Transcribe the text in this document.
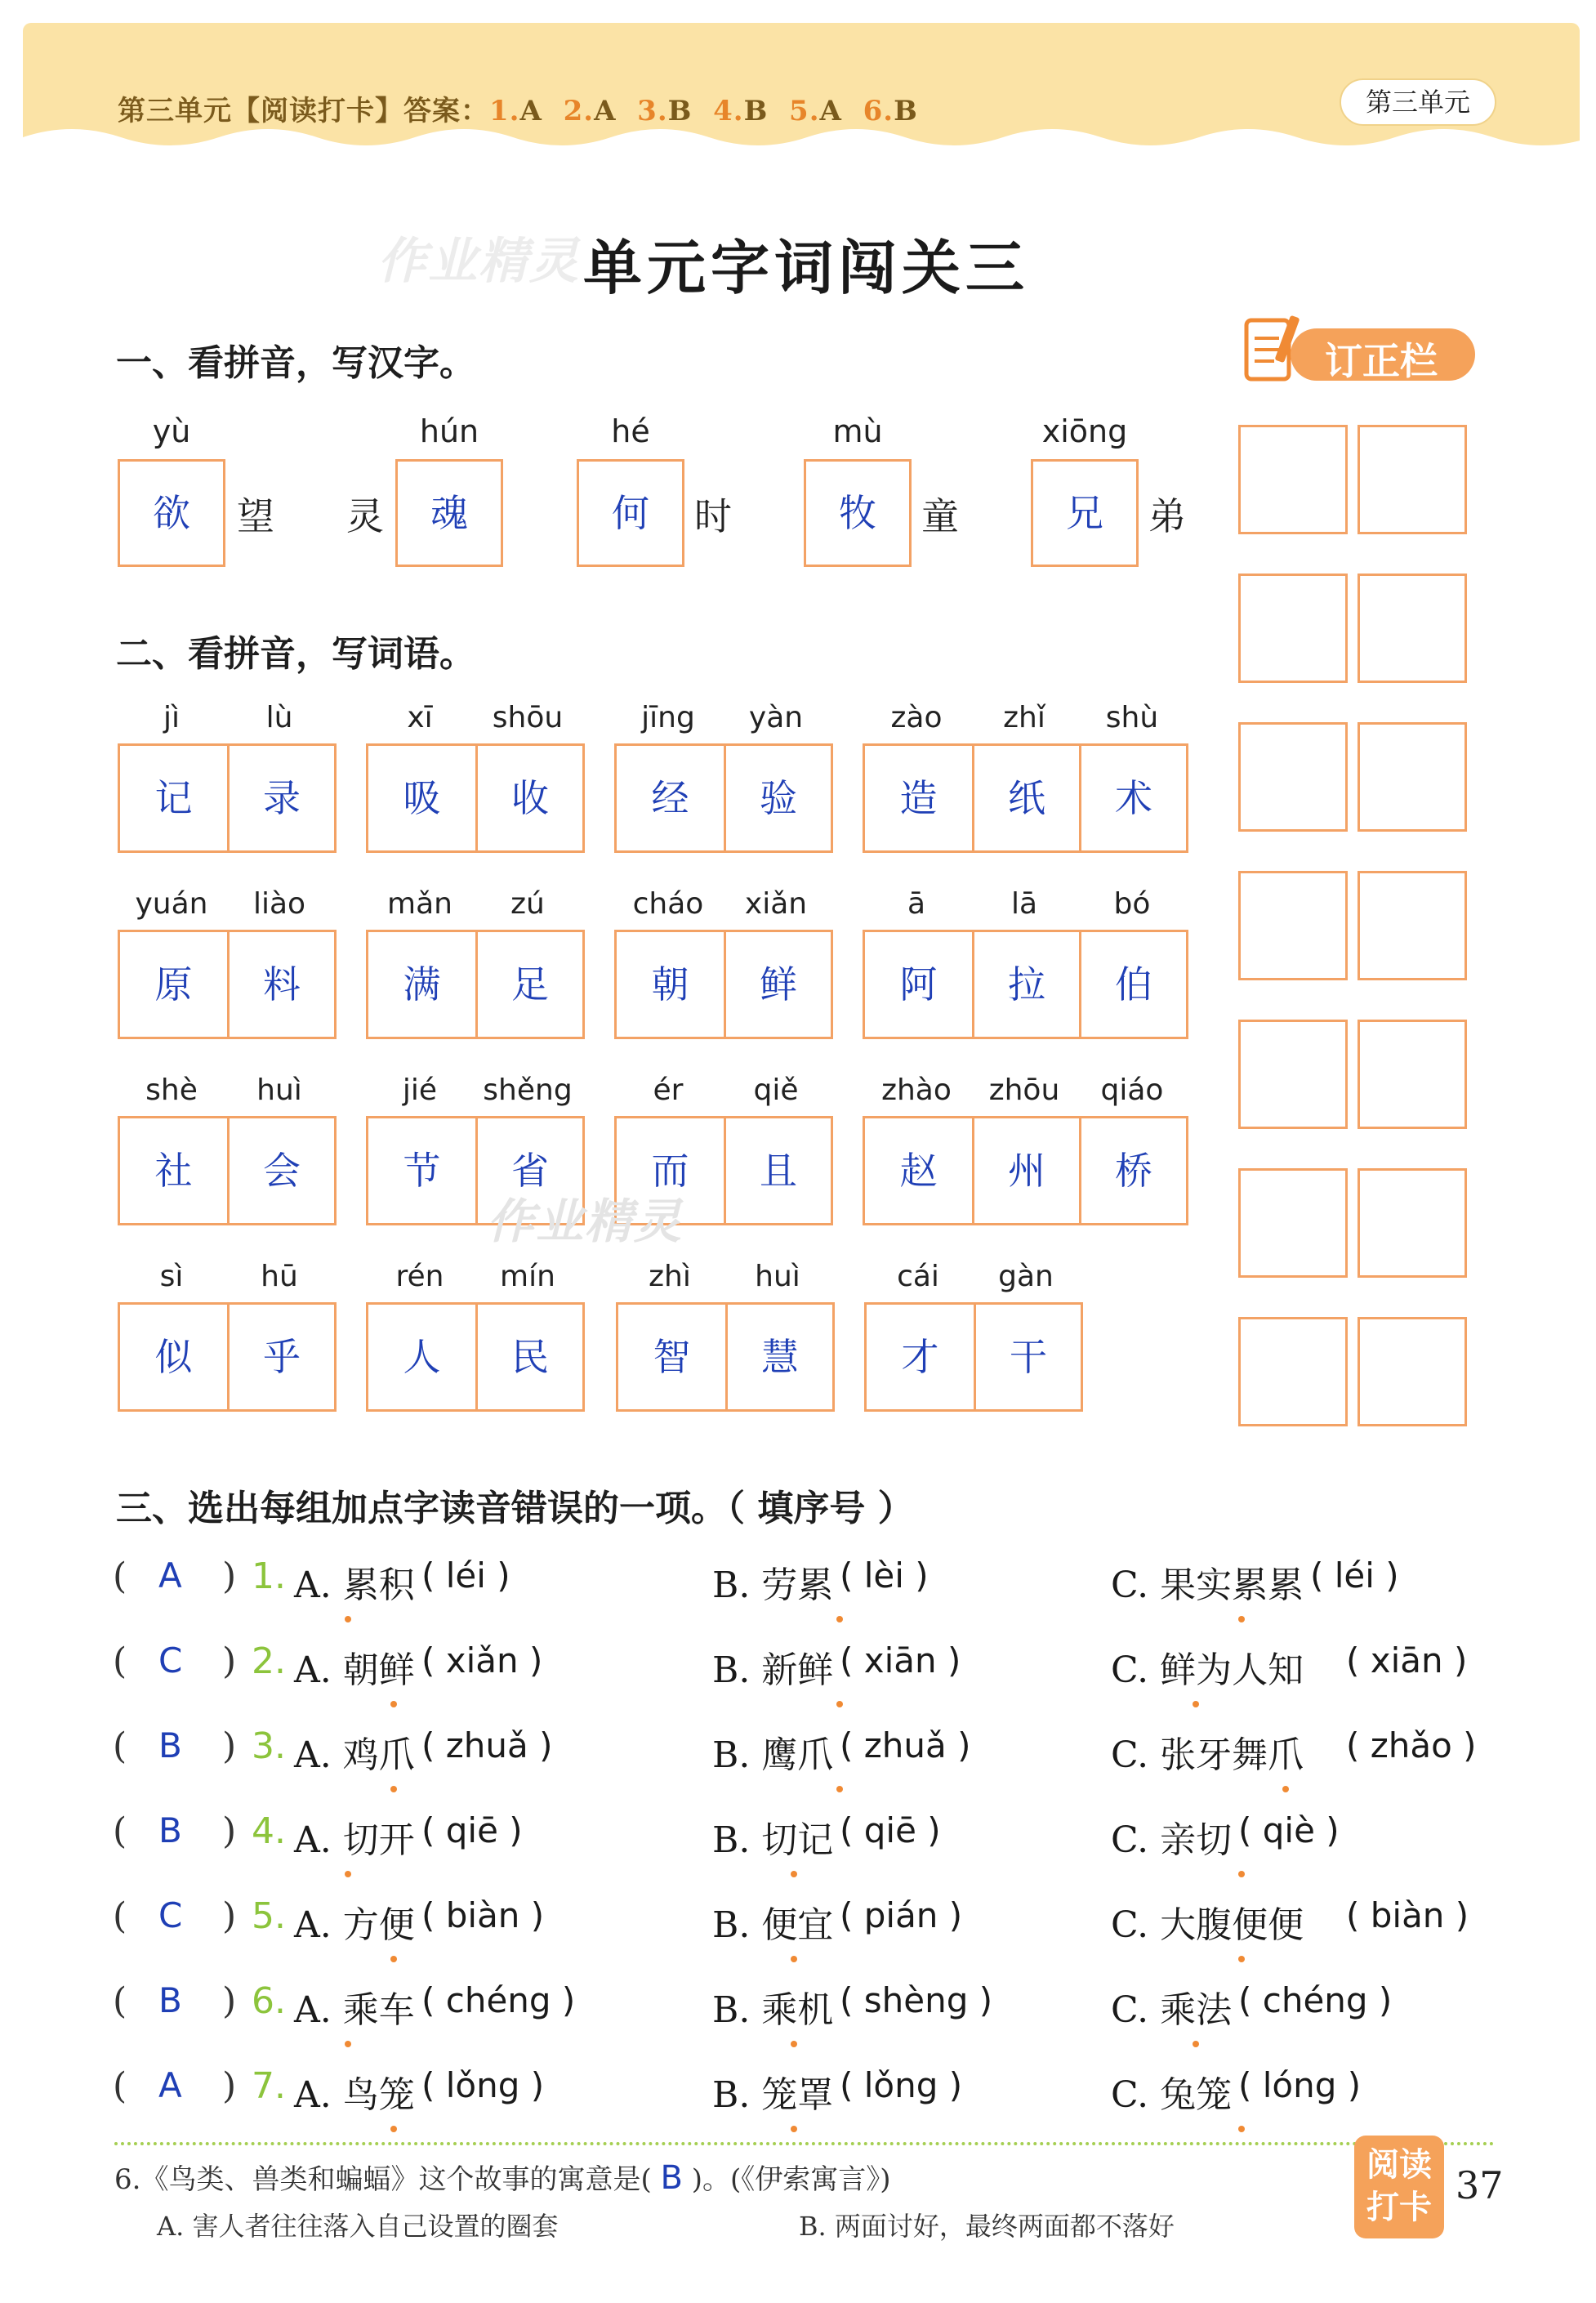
第三单元【阅读打卡】答案：1.A 2.A 3.B 4.B 5.A 6.B	第三单元
作业精灵 单元字词闯关三
订正栏
一、看拼音，写汉字。
yù
欲	望 灵
hún
魂
hé
何	时
mù
牧	童
xiōng
兄	弟
二、看拼音，写词语。
jì	lù
记	录
xī	shōu
吸	收
jīng	yàn
经	验
zào	zhǐ	shù
造	纸	术
yuán	liào
原	料
mǎn	zú
满	足
cháo	xiǎn
朝	鲜
ā	lā	bó
阿	拉	伯
shè	huì
社	会
jié	shěng
节	省
ér	qiě
而	且
zhào	zhōu	qiáo
赵	州	桥
作业精灵
sì	hū
似	乎
rén	mín
人	民
zhì	huì
智	慧
cái	gàn
才	干
三、选出每组加点字读音错误的一项。（ 填序号 ）
( A ) 1. A. 累积 ( léi )	B. 劳累 ( lèi )	C. 果实累累 ( léi )
( C ) 2. A. 朝鲜 ( xiǎn )	B. 新鲜 ( xiān )	C. 鲜为人知 ( xiān )
( B ) 3. A. 鸡爪 ( zhuǎ )	B. 鹰爪 ( zhuǎ )	C. 张牙舞爪 ( zhǎo )
( B ) 4. A. 切开 ( qiē )	B. 切记 ( qiē )	C. 亲切 ( qiè )
( C ) 5. A. 方便 ( biàn )	B. 便宜 ( pián )	C. 大腹便便 ( biàn )
( B ) 6. A. 乘车 ( chéng )	B. 乘机 ( shèng )	C. 乘法 ( chéng )
( A ) 7. A. 鸟笼 ( lǒng )	B. 笼罩 ( lǒng )	C. 兔笼 ( lóng )
6.《鸟类、兽类和蝙蝠》这个故事的寓意是( B )。(《伊索寓言》)
A. 害人者往往落入自己设置的圈套	B. 两面讨好，最终两面都不落好
阅读打卡 37
